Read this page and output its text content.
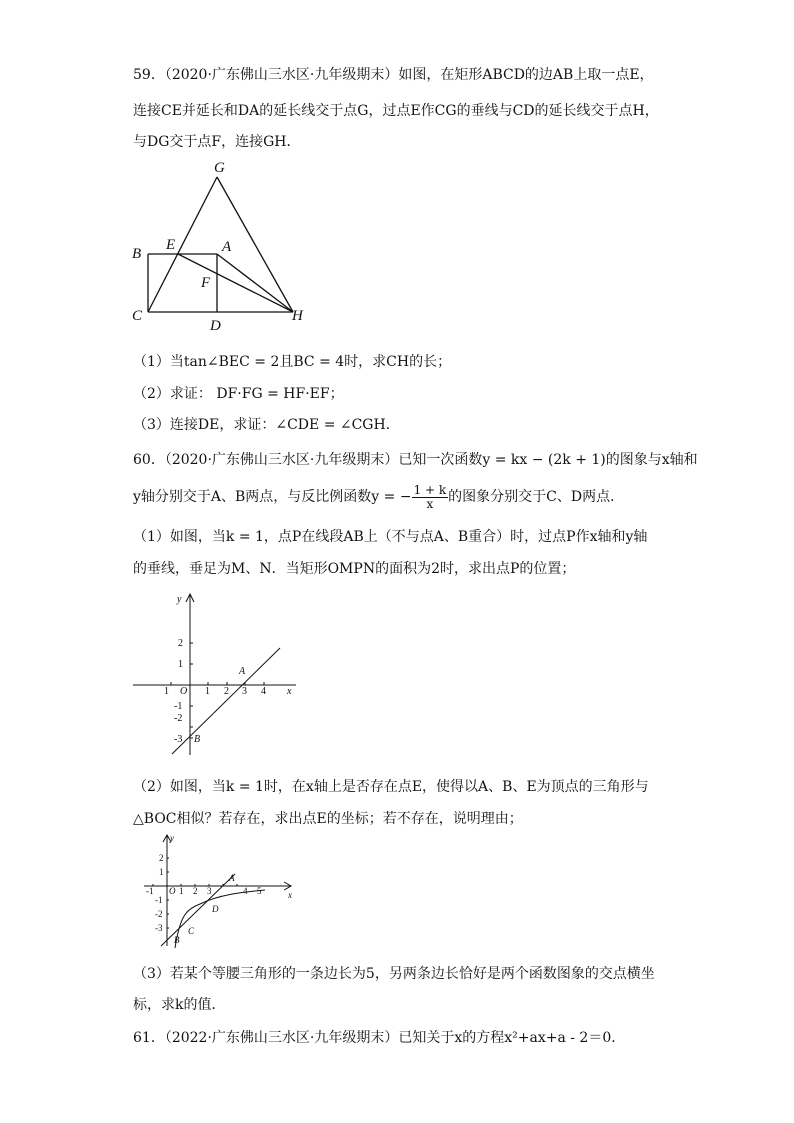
59．（2020·广东佛山三水区·九年级期末）如图，在矩形ABCD的边AB上取一点E，
连接CE并延长和DA的延长线交于点G，过点E作CG的垂线与CD的延长线交于点H，
与DG交于点F，连接GH．
G
B
E	A
F
C
D
H
（1）当tan∠BEC = 2且BC = 4时，求CH的长；
（2）求证： DF·FG = HF·EF；
（3）连接DE，求证：∠CDE = ∠CGH．
60．（2020·广东佛山三水区·九年级期末）已知一次函数y = kx − (2k + 1)的图象与x轴和
y轴分别交于A、B两点，与反比例函数y = − $\frac{1 + k}{x}$ 的图象分别交于C、D两点．
（1）如图，当k = 1，点P在线段AB上（不与点A、B重合）时，过点P作x轴和y轴
的垂线，垂足为M、N．当矩形OMPN的面积为2时，求出点P的位置；
y
x
O
1	1 2 3 4
2
1
-1
-2
-3
A
B
（2）如图，当k = 1时，在x轴上是否存在点E，使得以A、B、E为顶点的三角形与
△BOC相似？若存在，求出点E的坐标；若不存在，说明理由；
y
x
O
-1	1 2 3	4 5
2
1
-1
-2
-3
A
D
C
B
（3）若某个等腰三角形的一条边长为5，另两条边长恰好是两个函数图象的交点横坐
标，求k的值．
61．（2022·广东佛山三水区·九年级期末）已知关于x的方程x²+ax+a - 2＝0．
